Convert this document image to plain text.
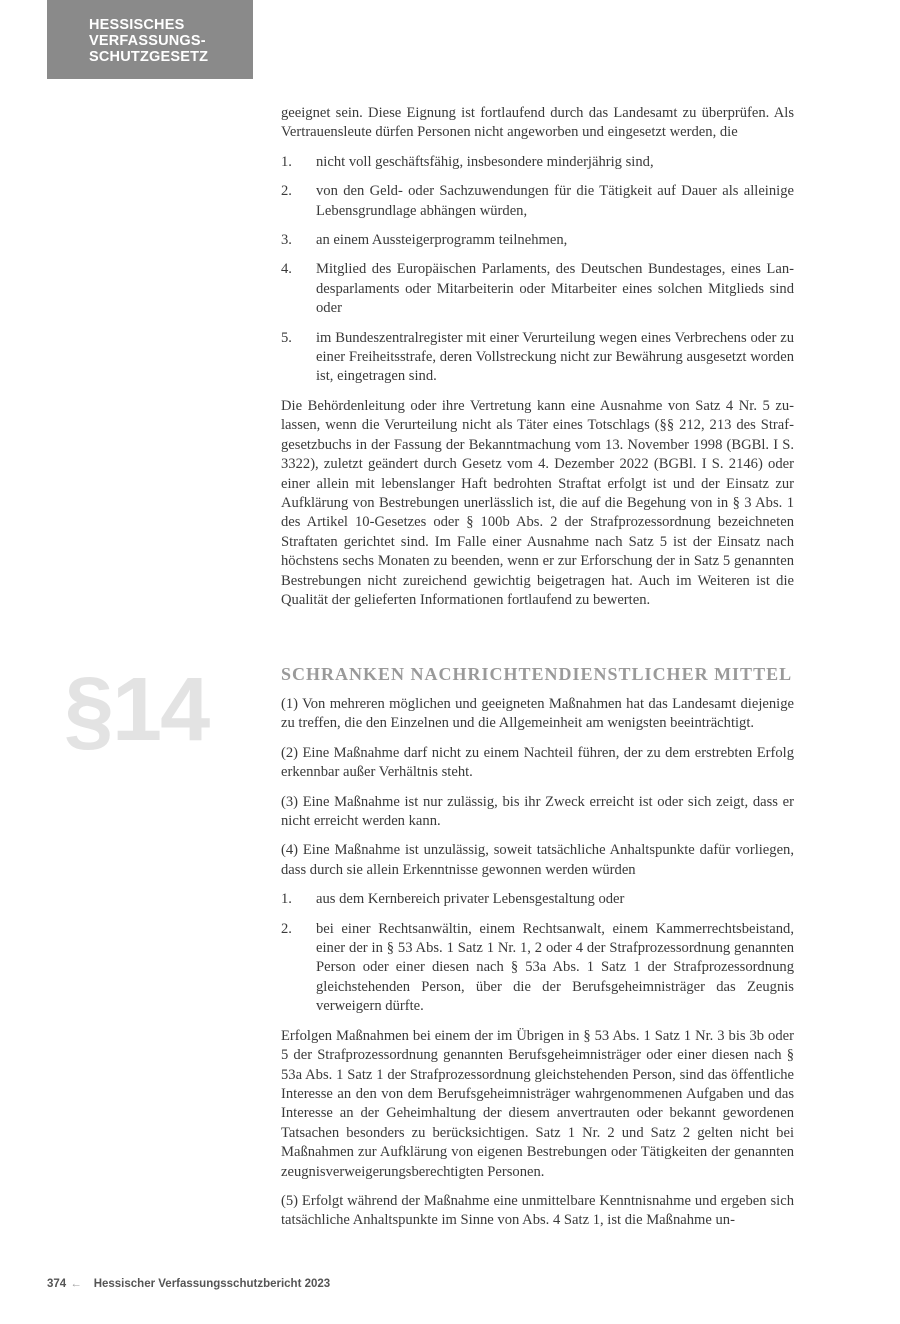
HESSISCHES
VERFASSUNGS-
SCHUTZGESETZ

geeignet sein. Diese Eignung ist fortlaufend durch das Landesamt zu überprüfen. Als Vertrauensleute dürfen Personen nicht angeworben und eingesetzt werden, die

1.	nicht voll geschäftsfähig, insbesondere minderjährig sind,
2.	von den Geld- oder Sachzuwendungen für die Tätigkeit auf Dauer als alleinige Lebensgrundlage abhängen würden,
3.	an einem Aussteigerprogramm teilnehmen,
4.	Mitglied des Europäischen Parlaments, des Deutschen Bundestages, eines Landesparlaments oder Mitarbeiterin oder Mitarbeiter eines solchen Mitglieds sind oder
5.	im Bundeszentralregister mit einer Verurteilung wegen eines Verbrechens oder zu einer Freiheitsstrafe, deren Vollstreckung nicht zur Bewährung ausgesetzt worden ist, eingetragen sind.

Die Behördenleitung oder ihre Vertretung kann eine Ausnahme von Satz 4 Nr. 5 zulassen, wenn die Verurteilung nicht als Täter eines Totschlags (§§ 212, 213 des Strafgesetzbuchs in der Fassung der Bekanntmachung vom 13. November 1998 (BGBl. I S. 3322), zuletzt geändert durch Gesetz vom 4. Dezember 2022 (BGBl. I S. 2146) oder einer allein mit lebenslanger Haft bedrohten Straftat erfolgt ist und der Einsatz zur Aufklärung von Bestrebungen unerlässlich ist, die auf die Begehung von in § 3 Abs. 1 des Artikel 10-Gesetzes oder § 100b Abs. 2 der Strafprozessordnung bezeichneten Straftaten gerichtet sind. Im Falle einer Ausnahme nach Satz 5 ist der Einsatz nach höchstens sechs Monaten zu beenden, wenn er zur Erforschung der in Satz 5 genannten Bestrebungen nicht zureichend gewichtig beigetragen hat. Auch im Weiteren ist die Qualität der gelieferten Informationen fortlaufend zu bewerten.

§14	SCHRANKEN NACHRICHTENDIENSTLICHER MITTEL

(1) Von mehreren möglichen und geeigneten Maßnahmen hat das Landesamt diejenige zu treffen, die den Einzelnen und die Allgemeinheit am wenigsten beeinträchtigt.

(2) Eine Maßnahme darf nicht zu einem Nachteil führen, der zu dem erstrebten Erfolg erkennbar außer Verhältnis steht.

(3) Eine Maßnahme ist nur zulässig, bis ihr Zweck erreicht ist oder sich zeigt, dass er nicht erreicht werden kann.

(4) Eine Maßnahme ist unzulässig, soweit tatsächliche Anhaltspunkte dafür vorliegen, dass durch sie allein Erkenntnisse gewonnen werden würden

1.	aus dem Kernbereich privater Lebensgestaltung oder
2.	bei einer Rechtsanwältin, einem Rechtsanwalt, einem Kammerrechtsbeistand, einer der in § 53 Abs. 1 Satz 1 Nr. 1, 2 oder 4 der Strafprozessordnung genannten Person oder einer diesen nach § 53a Abs. 1 Satz 1 der Strafprozessordnung gleichstehenden Person, über die der Berufsgeheimnisträger das Zeugnis verweigern dürfte.

Erfolgen Maßnahmen bei einem der im Übrigen in § 53 Abs. 1 Satz 1 Nr. 3 bis 3b oder 5 der Strafprozessordnung genannten Berufsgeheimnisträger oder einer diesen nach § 53a Abs. 1 Satz 1 der Strafprozessordnung gleichstehenden Person, sind das öffentliche Interesse an den von dem Berufsgeheimnisträger wahrgenommenen Aufgaben und das Interesse an der Geheimhaltung der diesem anvertrauten oder bekannt gewordenen Tatsachen besonders zu berücksichtigen. Satz 1 Nr. 2 und Satz 2 gelten nicht bei Maßnahmen zur Aufklärung von eigenen Bestrebungen oder Tätigkeiten der genannten zeugnisverweigerungsberechtigten Personen.

(5) Erfolgt während der Maßnahme eine unmittelbare Kenntnisnahme und ergeben sich tatsächliche Anhaltspunkte im Sinne von Abs. 4 Satz 1, ist die Maßnahme un-

374 ← Hessischer Verfassungsschutzbericht 2023
